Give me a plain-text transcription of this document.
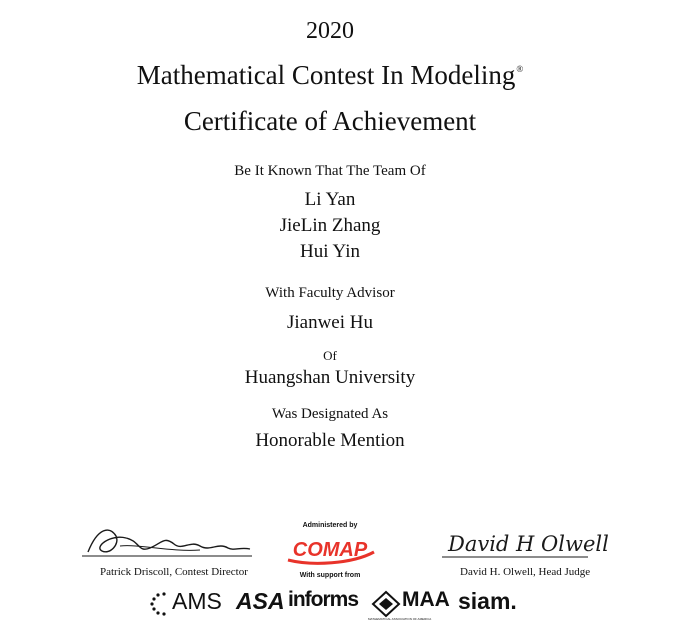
2020
Mathematical Contest In Modeling®
Certificate of Achievement
Be It Known That The Team Of
Li Yan
JieLin Zhang
Hui Yin
With Faculty Advisor
Jianwei Hu
Of
Huangshan University
Was Designated As
Honorable Mention
Patrick Driscoll, Contest Director
Administered by
COMAP
With support from
David H Olwell
David H. Olwell, Head Judge
AMS ASA informs MAA
MATHEMATICAL ASSOCIATION OF AMERICA
siam.
